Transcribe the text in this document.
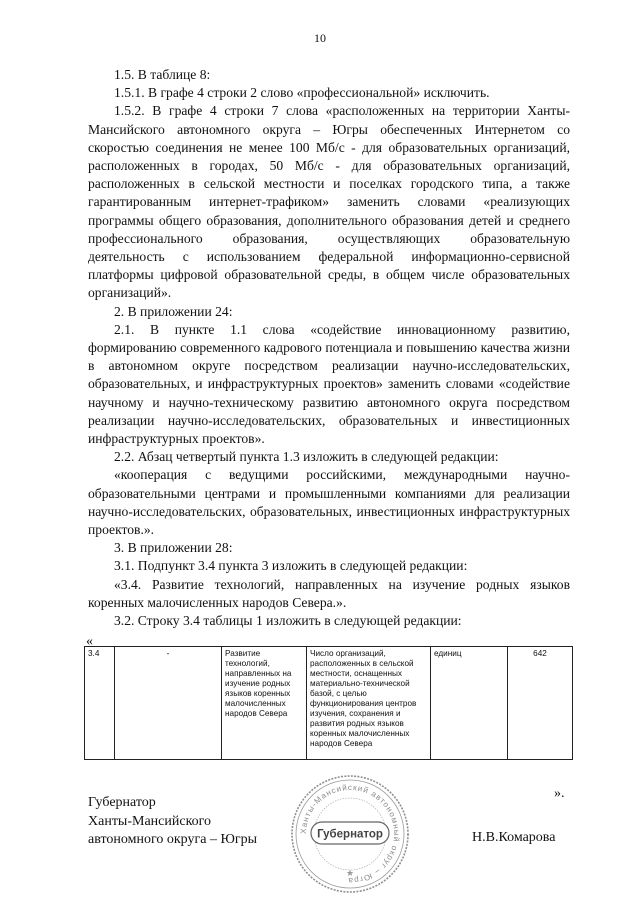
10

1.5. В таблице 8:

1.5.1. В графе 4 строки 2 слово «профессиональной» исключить.

1.5.2. В графе 4 строки 7 слова «расположенных на территории Ханты-Мансийского автономного округа – Югры обеспеченных Интернетом со скоростью соединения не менее 100 Мб/с - для образовательных организаций, расположенных в городах, 50 Мб/с - для образовательных организаций, расположенных в сельской местности и поселках городского типа, а также гарантированным интернет-трафиком» заменить словами «реализующих программы общего образования, дополнительного образования детей и среднего профессионального образования, осуществляющих образовательную деятельность с использованием федеральной информационно-сервисной платформы цифровой образовательной среды, в общем числе образовательных организаций».

2. В приложении 24:

2.1. В пункте 1.1 слова «содействие инновационному развитию, формированию современного кадрового потенциала и повышению качества жизни в автономном округе посредством реализации научно-исследовательских, образовательных, и инфраструктурных проектов» заменить словами «содействие научному и научно-техническому развитию автономного округа посредством реализации научно-исследовательских, образовательных и инвестиционных инфраструктурных проектов».

2.2. Абзац четвертый пункта 1.3 изложить в следующей редакции:

«кооперация с ведущими российскими, международными научно-образовательными центрами и промышленными компаниями для реализации научно-исследовательских, образовательных, инвестиционных инфраструктурных проектов.».

3. В приложении 28:

3.1. Подпункт 3.4 пункта 3 изложить в следующей редакции:

«3.4. Развитие технологий, направленных на изучение родных языков коренных малочисленных народов Севера.».

3.2. Строку 3.4 таблицы 1 изложить в следующей редакции:

«
3.4	-	Развитие технологий, направленных на изучение родных языков коренных малочисленных народов Севера	Число организаций, расположенных в сельской местности, оснащенных материально-технической базой, с целью функционирования центров изучения, сохранения и развития родных языков коренных малочисленных народов Севера	единиц	642
».
Губернатор
Ханты-Мансийского
автономного округа – Югры
Ханты-Мансийский автономный округ – Югра
Губернатор
★
Н.В.Комарова
